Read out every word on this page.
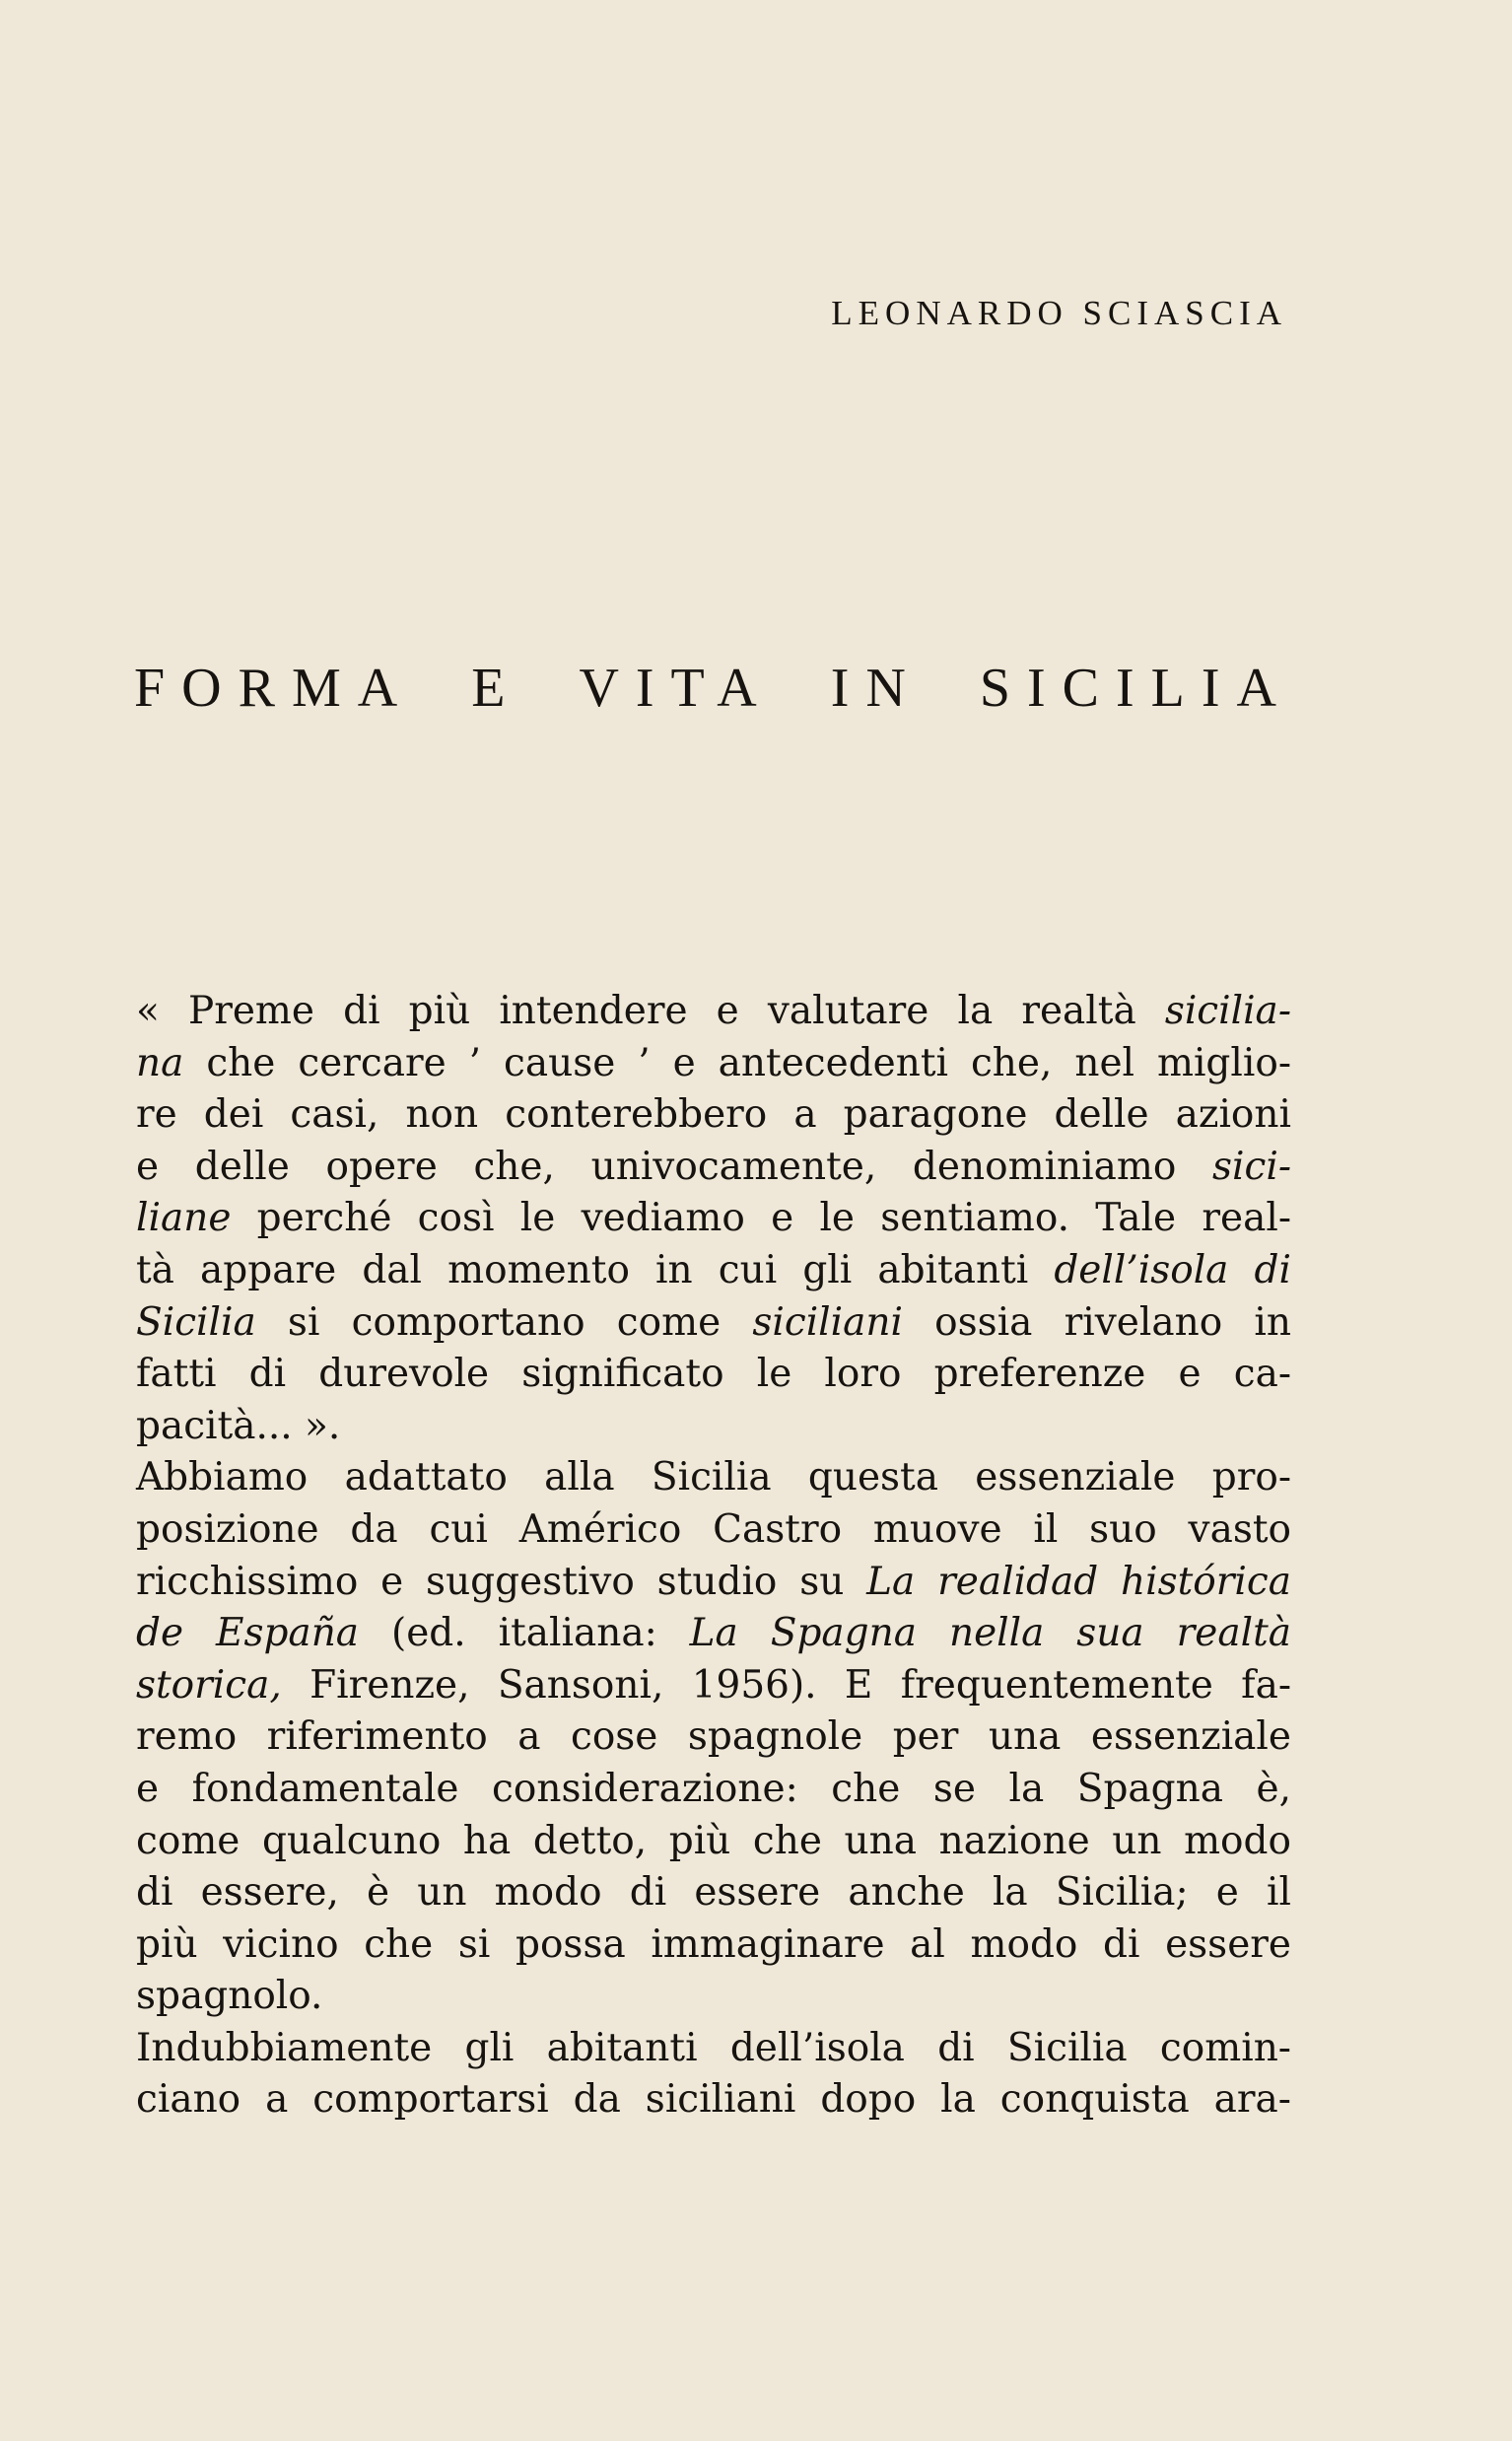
LEONARDO SCIASCIA
FORMA E VITA IN SICILIA
« Preme di più intendere e valutare la realtà sicilia-
na che cercare ’ cause ’ e antecedenti che, nel miglio-
re dei casi, non conterebbero a paragone delle azioni
e delle opere che, univocamente, denominiamo sici-
liane perché così le vediamo e le sentiamo. Tale real-
tà appare dal momento in cui gli abitanti dell’isola di
Sicilia si comportano come siciliani ossia rivelano in
fatti di durevole significato le loro preferenze e ca-
pacità... ».
Abbiamo adattato alla Sicilia questa essenziale pro-
posizione da cui Américo Castro muove il suo vasto
ricchissimo e suggestivo studio su La realidad histórica
de España (ed. italiana: La Spagna nella sua realtà
storica, Firenze, Sansoni, 1956). E frequentemente fa-
remo riferimento a cose spagnole per una essenziale
e fondamentale considerazione: che se la Spagna è,
come qualcuno ha detto, più che una nazione un modo
di essere, è un modo di essere anche la Sicilia; e il
più vicino che si possa immaginare al modo di essere
spagnolo.
Indubbiamente gli abitanti dell’isola di Sicilia comin-
ciano a comportarsi da siciliani dopo la conquista ara-
